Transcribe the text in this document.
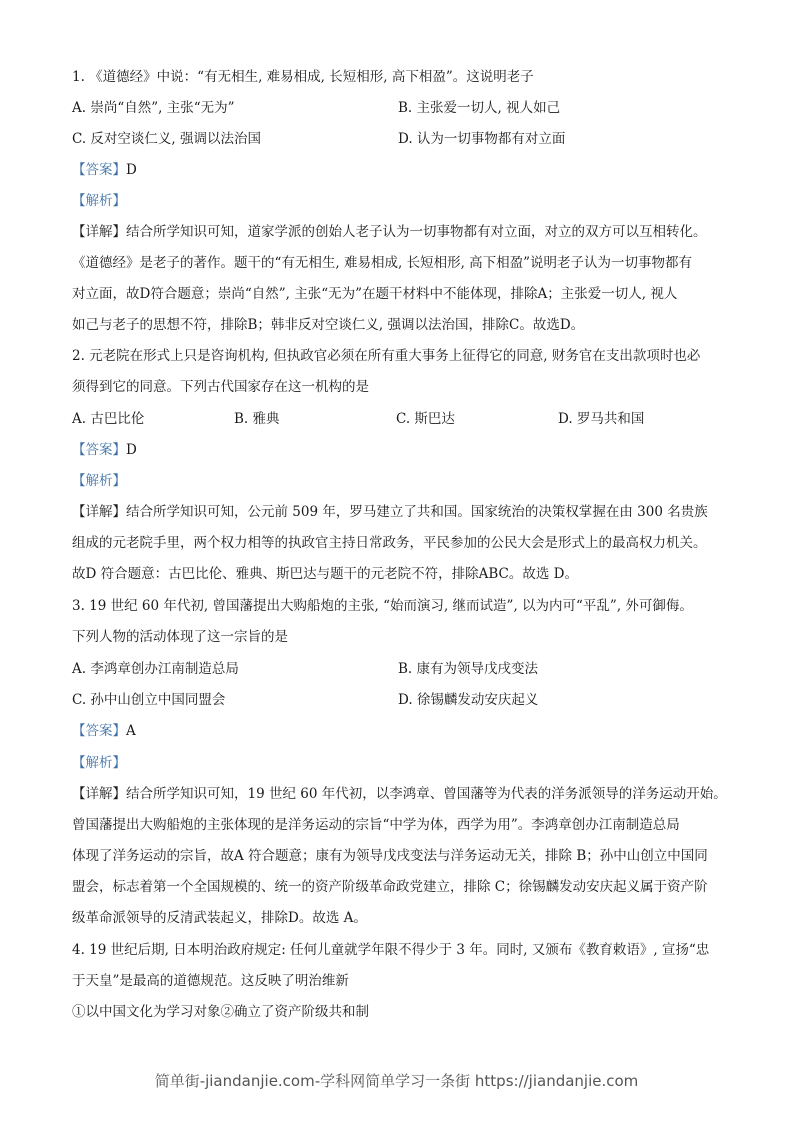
1. 《道德经》中说：“有无相生, 难易相成, 长短相形, 高下相盈”。这说明老子
A. 崇尚“自然”, 主张“无为”	B. 主张爱一切人, 视人如己
C. 反对空谈仁义, 强调以法治国	D. 认为一切事物都有对立面
【答案】D
【解析】
【详解】结合所学知识可知，道家学派的创始人老子认为一切事物都有对立面，对立的双方可以互相转化。
《道德经》是老子的著作。题干的“有无相生, 难易相成, 长短相形, 高下相盈”说明老子认为一切事物都有
对立面，故D符合题意；崇尚“自然”, 主张“无为”在题干材料中不能体现，排除A；主张爱一切人, 视人
如己与老子的思想不符，排除B；韩非反对空谈仁义, 强调以法治国，排除C。故选D。
2. 元老院在形式上只是咨询机构, 但执政官必须在所有重大事务上征得它的同意, 财务官在支出款项时也必
须得到它的同意。下列古代国家存在这一机构的是
A. 古巴比伦	B. 雅典	C. 斯巴达	D. 罗马共和国
【答案】D
【解析】
【详解】结合所学知识可知，公元前 509 年，罗马建立了共和国。国家统治的决策权掌握在由 300 名贵族
组成的元老院手里，两个权力相等的执政官主持日常政务，平民参加的公民大会是形式上的最高权力机关。
故D 符合题意：古巴比伦、雅典、斯巴达与题干的元老院不符，排除ABC。故选 D。
3. 19 世纪 60 年代初, 曾国藩提出大购船炮的主张, “始而演习, 继而试造”, 以为内可“平乱”, 外可御侮。
下列人物的活动体现了这一宗旨的是
A. 李鸿章创办江南制造总局	B. 康有为领导戊戌变法
C. 孙中山创立中国同盟会	D. 徐锡麟发动安庆起义
【答案】A
【解析】
【详解】结合所学知识可知，19 世纪 60 年代初，以李鸿章、曾国藩等为代表的洋务派领导的洋务运动开始。
曾国藩提出大购船炮的主张体现的是洋务运动的宗旨“中学为体，西学为用”。李鸿章创办江南制造总局
体现了洋务运动的宗旨，故A 符合题意；康有为领导戊戌变法与洋务运动无关，排除 B；孙中山创立中国同
盟会，标志着第一个全国规模的、统一的资产阶级革命政党建立，排除 C；徐锡麟发动安庆起义属于资产阶
级革命派领导的反清武装起义，排除D。故选 A。
4. 19 世纪后期, 日本明治政府规定: 任何儿童就学年限不得少于 3 年。同时, 又颁布《教育敕语》, 宣扬“忠
于天皇”是最高的道德规范。这反映了明治维新
①以中国文化为学习对象②确立了资产阶级共和制
简单街-jiandanjie.com-学科网简单学习一条街 https://jiandanjie.com
